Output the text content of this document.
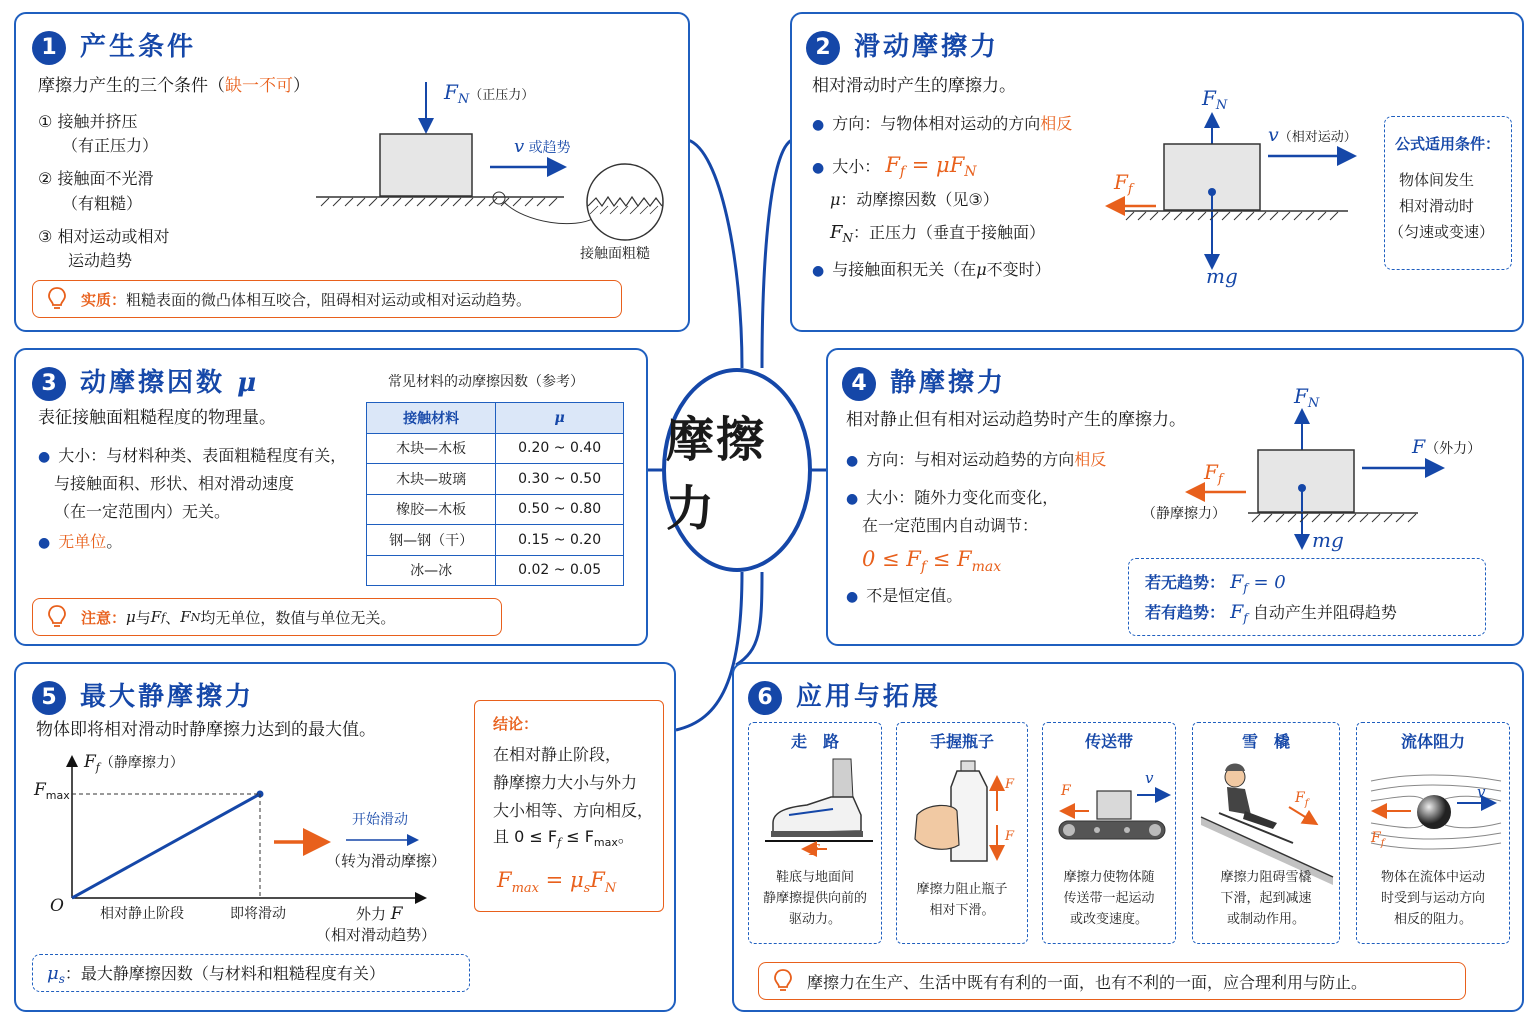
摩擦力
1 产生条件
摩擦力产生的三个条件（缺一不可）
① 接触并挤压
（有正压力）
② 接触面不光滑
（有粗糙）
③ 相对运动或相对
运动趋势
$F_N$（正压力）
v 或趋势
接触面粗糙
实质： 粗糙表面的微凸体相互咬合，阻碍相对运动或相对运动趋势。
2 滑动摩擦力
相对滑动时产生的摩擦力。
● 方向：与物体相对运动的方向相反
● 大小： $F_f = \mu F_N$
μ：动摩擦因数（见③）
$F_N$：正压力（垂直于接触面）
● 与接触面积无关（在μ不变时）
$F_N$
$F_f$
v（相对运动）
mg
公式适用条件：
物体间发生
相对滑动时
（匀速或变速）
3 动摩擦因数 μ
表征接触面粗糙程度的物理量。
● 大小：与材料种类、表面粗糙程度有关，
与接触面积、形状、相对滑动速度
（在一定范围内）无关。
● 无单位。
常见材料的动摩擦因数（参考）
接触材料	μ
木块—木板	0.20 ~ 0.40
木块—玻璃	0.30 ~ 0.50
橡胶—木板	0.50 ~ 0.80
钢—钢（干）	0.15 ~ 0.20
冰—冰	0.02 ~ 0.05
注意： μ 与 F f 、 F N 均无单位，数值与单位无关。
4 静摩擦力
相对静止但有相对运动趋势时产生的摩擦力。
● 方向：与相对运动趋势的方向相反
● 大小：随外力变化而变化，
在一定范围内自动调节：
$0 \le F_f \le F_{max}$
● 不是恒定值。
$F_N$
F（外力）
$F_f$
（静摩擦力）
mg
若无趋势： $F_f = 0$
若有趋势： $F_f$ 自动产生并阻碍趋势
5 最大静摩擦力
物体即将相对滑动时静摩擦力达到的最大值。
$F_f$（静摩擦力）
$F_{max}$
O	相对静止阶段	即将滑动	外力 F
（相对滑动趋势）
开始滑动
（转为滑动摩擦）
结论：
在相对静止阶段，
静摩擦力大小与外力
大小相等、方向相反，
且 $0 \le F_f \le F_{max}$。
$F_{max} = \mu_sF_N$
$\mu_s$：最大静摩擦因数（与材料和粗糙程度有关）
6 应用与拓展
走　路
F
鞋底与地面间
静摩擦提供向前的
驱动力。
手握瓶子
F
F
摩擦力阻止瓶子
相对下滑。
传送带
F
v
摩擦力使物体随
传送带一起运动
或改变速度。
雪　橇
$F_f$
摩擦力阻碍雪橇
下滑，起到减速
或制动作用。
流体阻力
v
$F_f$
物体在流体中运动
时受到与运动方向
相反的阻力。
摩擦力在生产、生活中既有有利的一面，也有不利的一面，应合理利用与防止。
